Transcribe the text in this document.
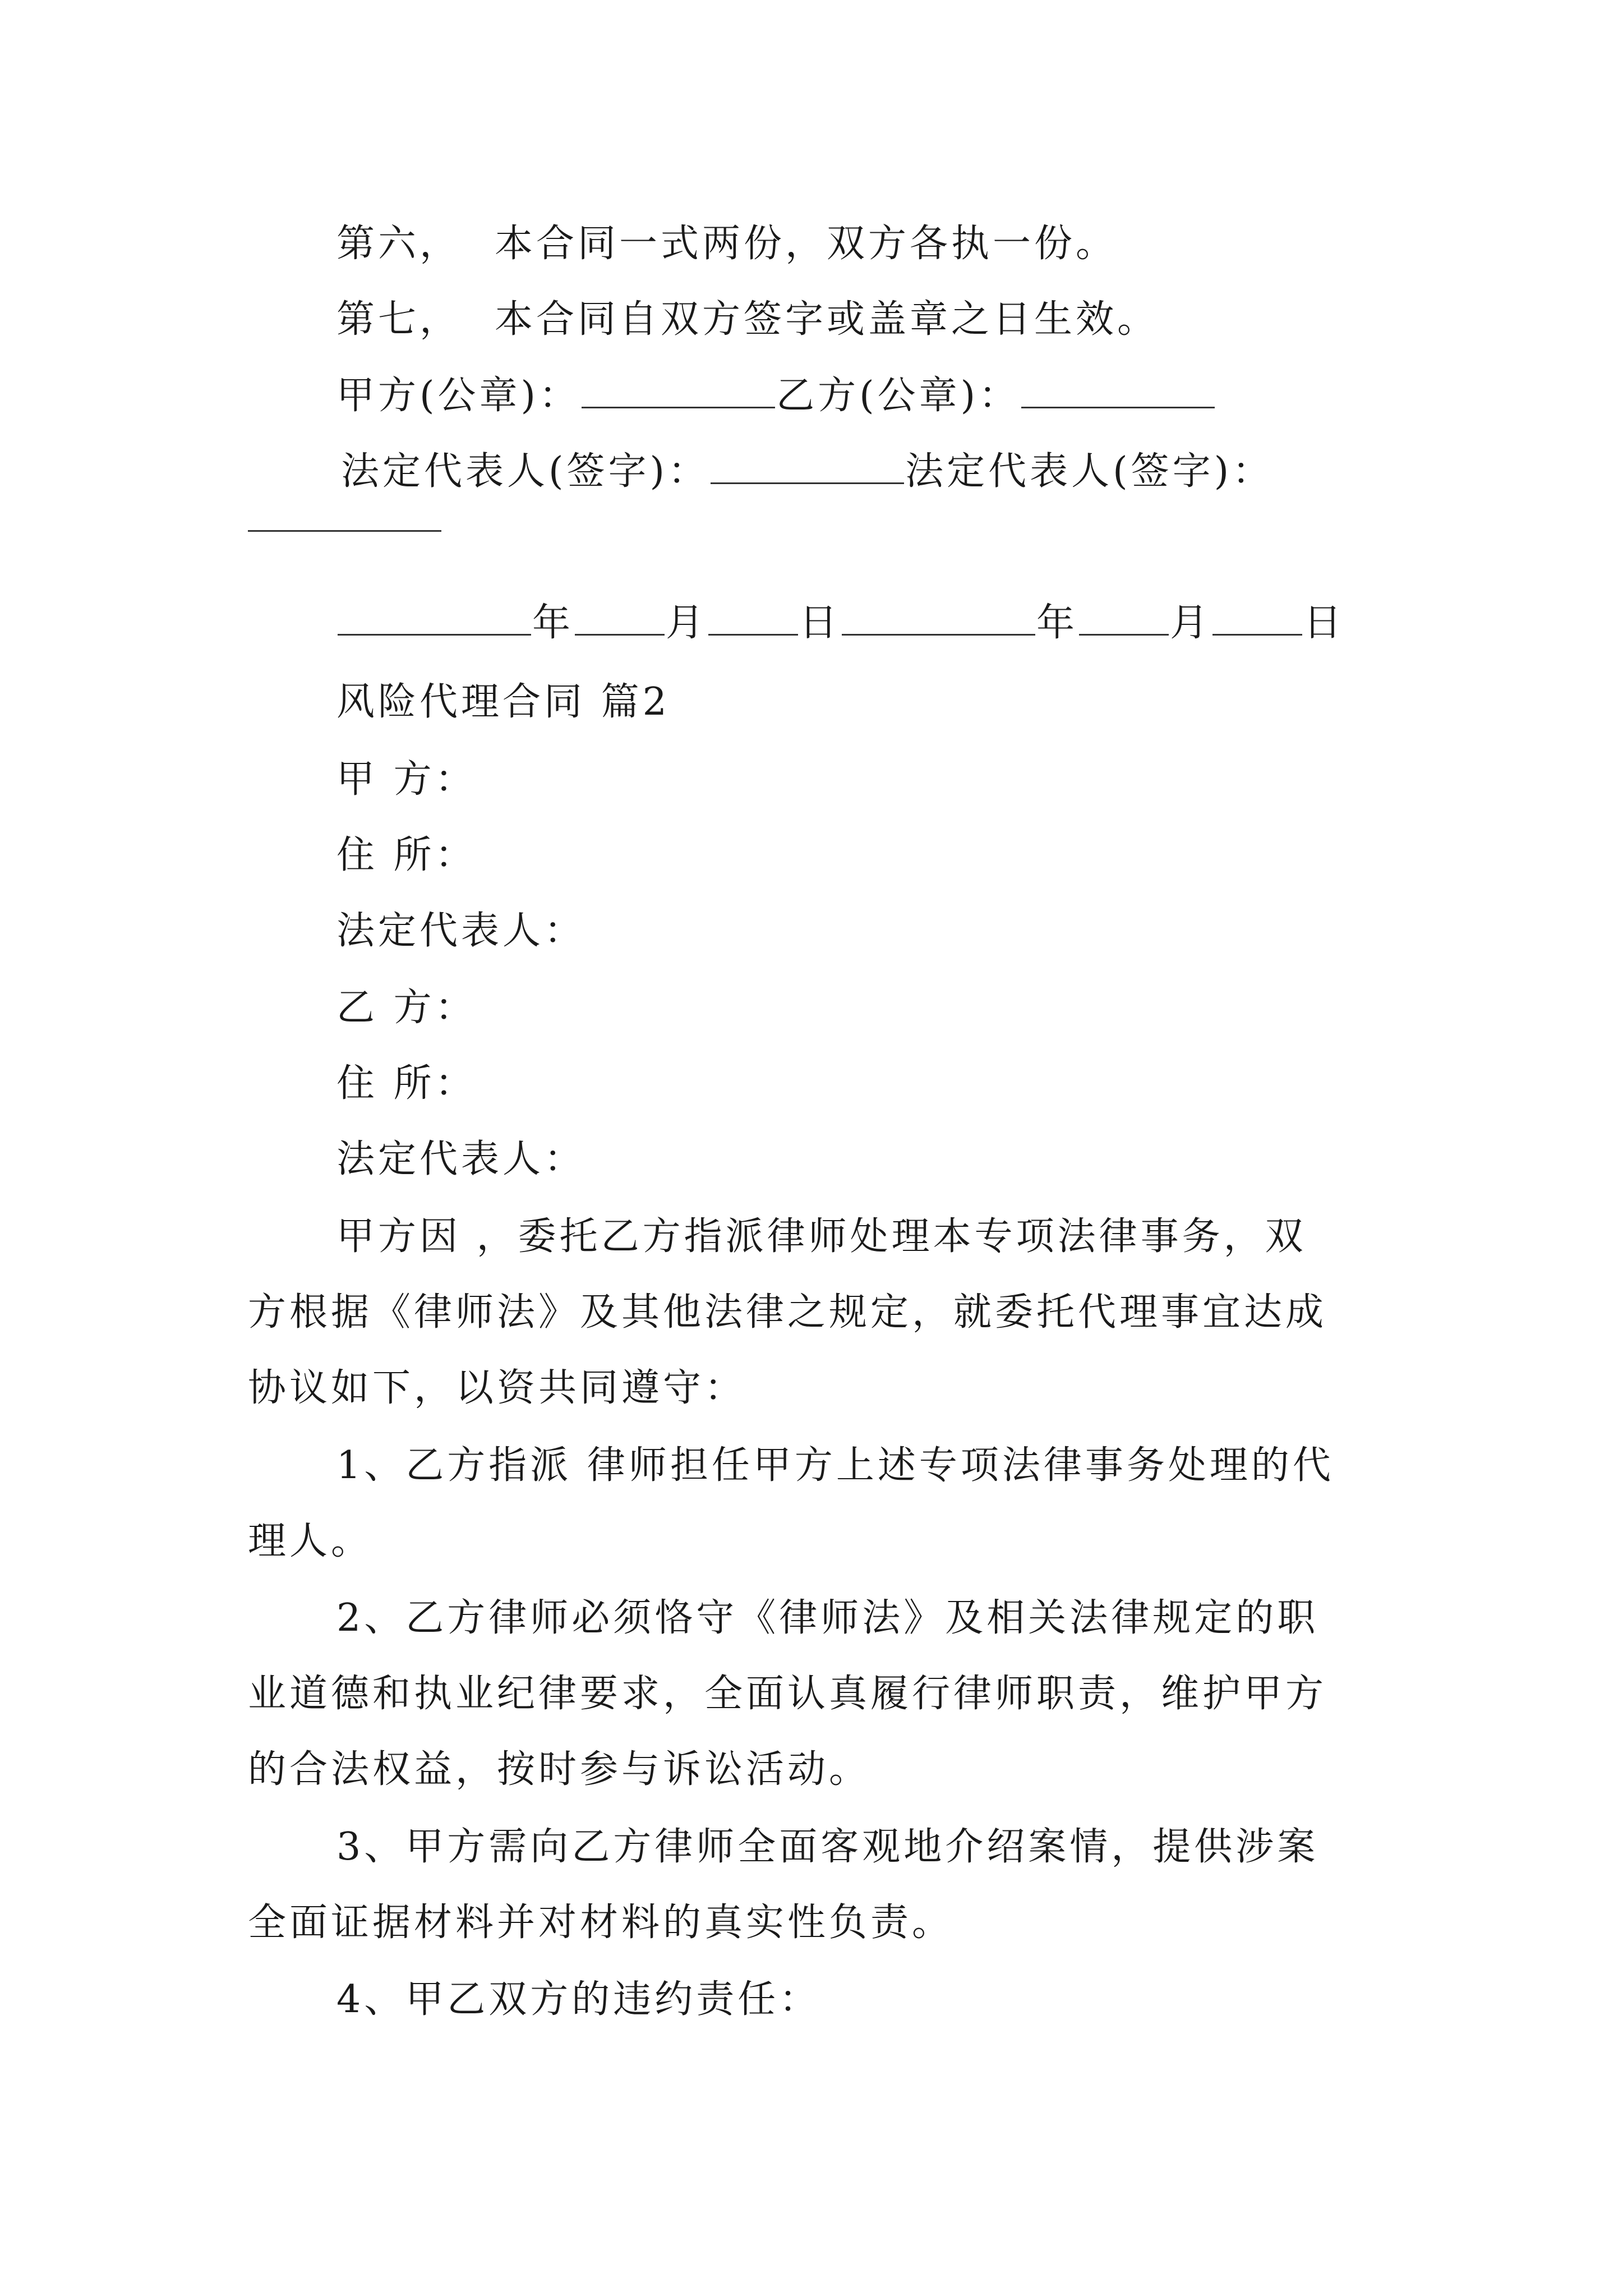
第六， 本合同一式两份，双方各执一份。
第七， 本合同自双方签字或盖章之日生效。
甲方(公章)：	乙方(公章)：
法定代表人(签字)：	法定代表人(签字)：
年 月 日	年 月 日
风险代理合同 篇2
甲 方：
住 所：
法定代表人：
乙 方：
住 所：
法定代表人：
甲方因 ，委托乙方指派律师处理本专项法律事务，双
方根据《律师法》及其他法律之规定，就委托代理事宜达成
协议如下，以资共同遵守：
1、乙方指派 律师担任甲方上述专项法律事务处理的代
理人。
2、乙方律师必须恪守《律师法》及相关法律规定的职
业道德和执业纪律要求，全面认真履行律师职责，维护甲方
的合法权益，按时参与诉讼活动。
3、甲方需向乙方律师全面客观地介绍案情，提供涉案
全面证据材料并对材料的真实性负责。
4、甲乙双方的违约责任：
